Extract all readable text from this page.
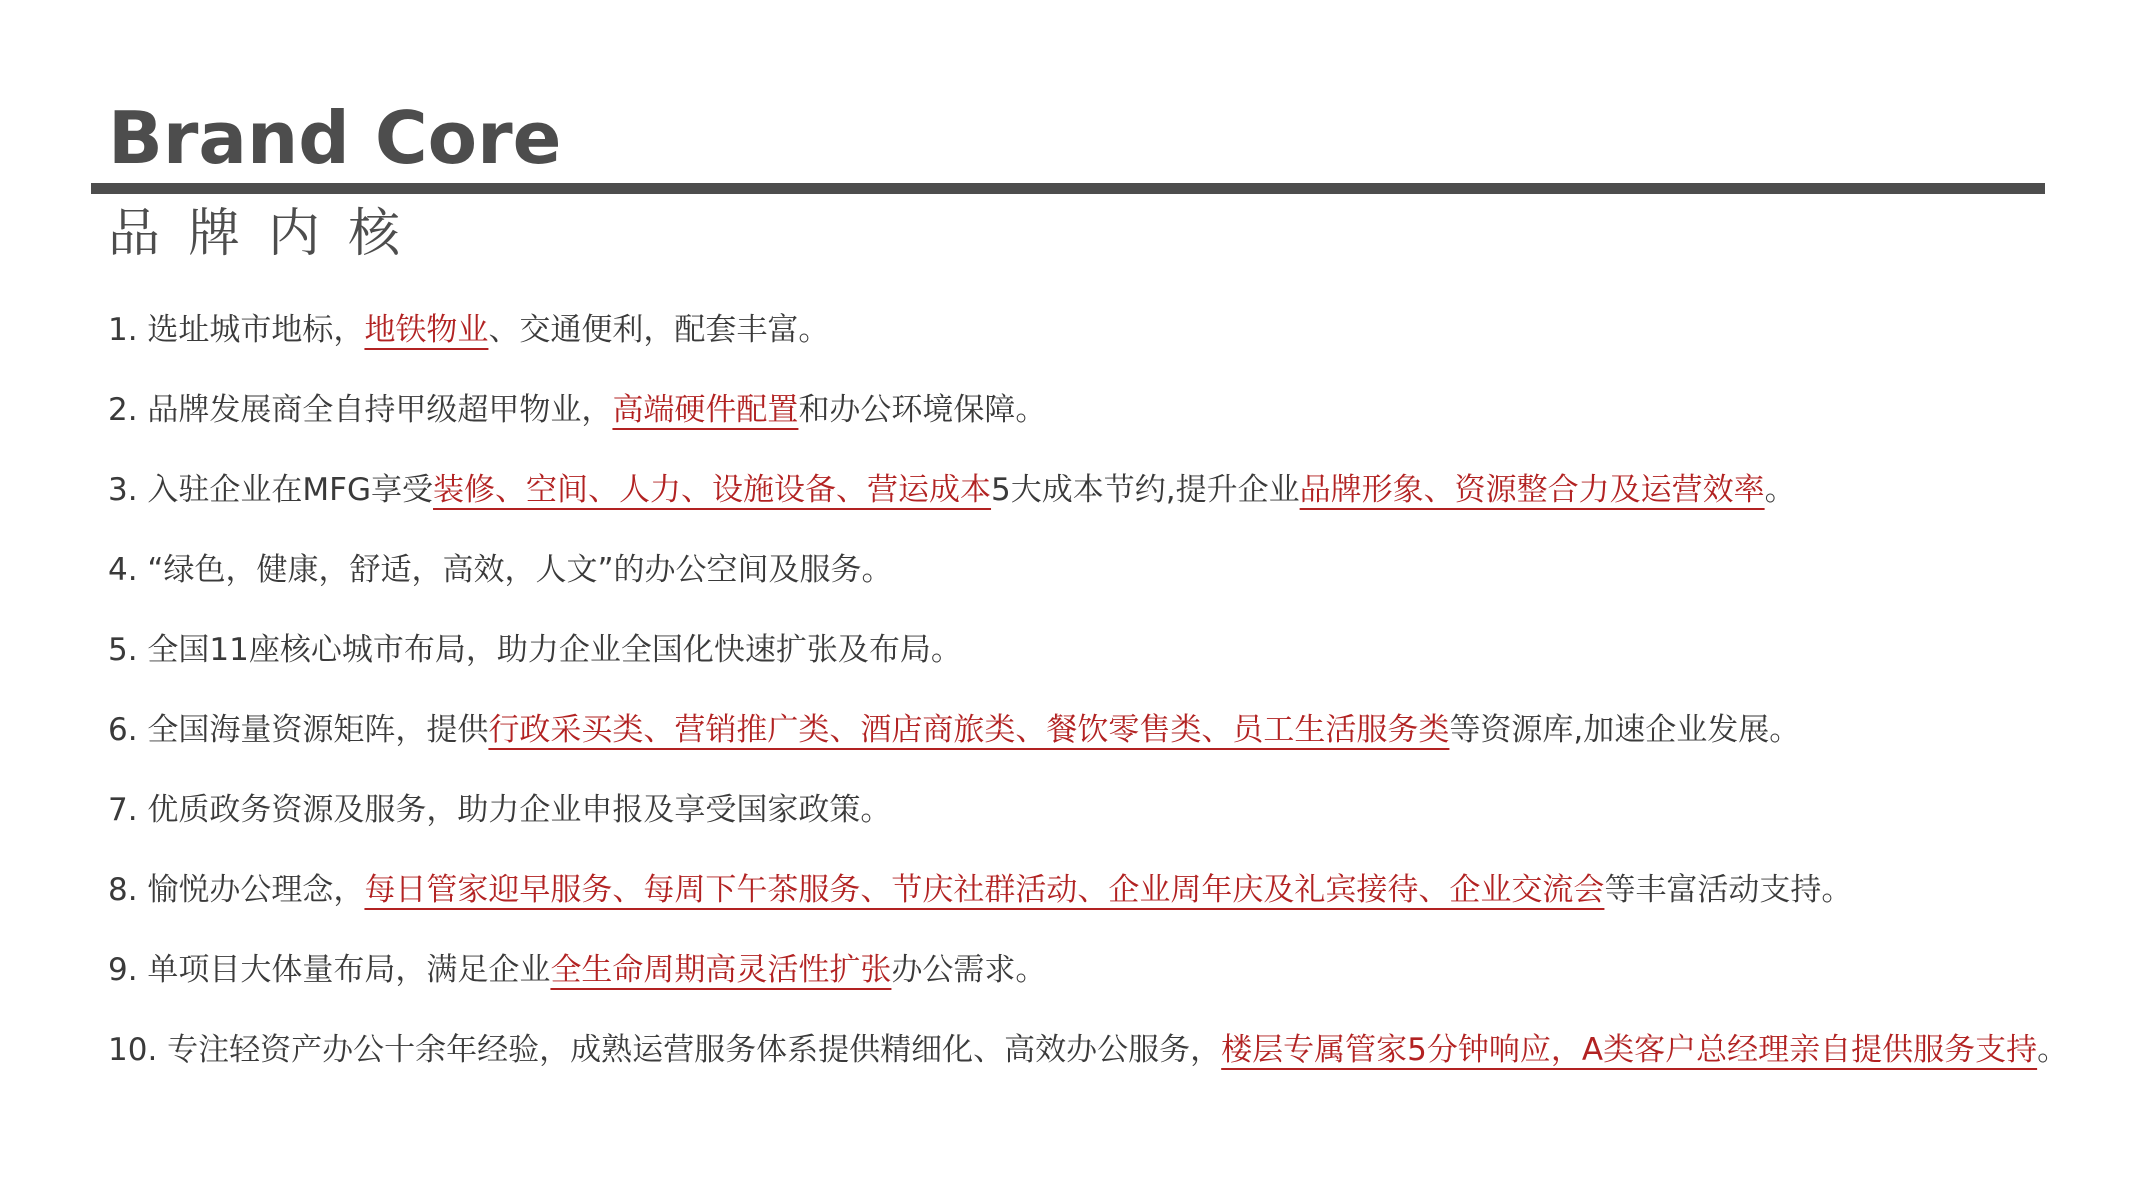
Brand Core
品牌内核
1. 选址城市地标，地铁物业、交通便利，配套丰富。
2. 品牌发展商全自持甲级超甲物业，高端硬件配置和办公环境保障。
3. 入驻企业在MFG享受装修、空间、人力、设施设备、营运成本5大成本节约,提升企业品牌形象、资源整合力及运营效率。
4. “绿色，健康，舒适，高效，人文”的办公空间及服务。
5. 全国11座核心城市布局，助力企业全国化快速扩张及布局。
6. 全国海量资源矩阵，提供行政采买类、营销推广类、酒店商旅类、餐饮零售类、员工生活服务类等资源库,加速企业发展。
7. 优质政务资源及服务，助力企业申报及享受国家政策。
8. 愉悦办公理念，每日管家迎早服务、每周下午茶服务、节庆社群活动、企业周年庆及礼宾接待、企业交流会等丰富活动支持。
9. 单项目大体量布局，满足企业全生命周期高灵活性扩张办公需求。
10. 专注轻资产办公十余年经验，成熟运营服务体系提供精细化、高效办公服务，楼层专属管家5分钟响应，A类客户总经理亲自提供服务支持。
